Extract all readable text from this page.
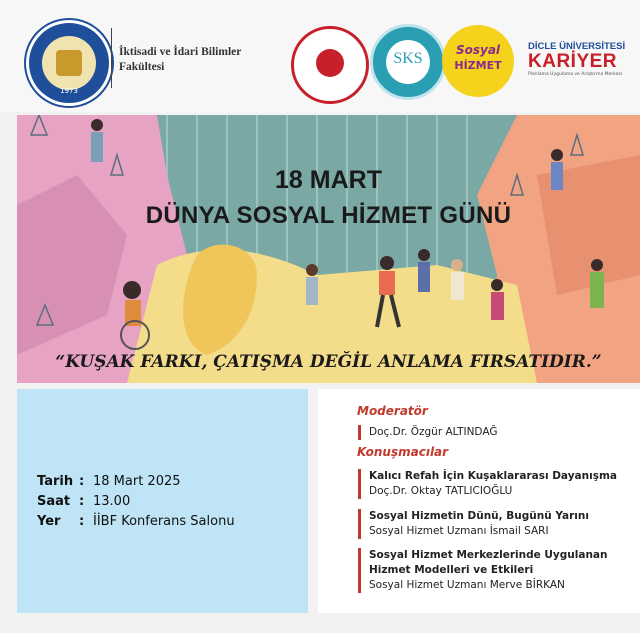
1973
İktisadi ve İdari Bilimler Fakültesi	SKS	Sosyal
HİZMET
DİCLE ÜNİVERSİTESİ
KARİYER
Planlama Uygulama ve Araştırma Merkezi
18 MART
DÜNYA SOSYAL HİZMET GÜNÜ
“KUŞAK FARKI, ÇATIŞMA DEĞİL ANLAMA FIRSATIDIR.”
Tarih : 18 Mart 2025
Saat : 13.00
Yer : İİBF Konferans Salonu
Moderatör
Doç.Dr. Özgür ALTINDAĞ
Konuşmacılar
Kalıcı Refah İçin Kuşaklararası Dayanışma
Doç.Dr. Oktay TATLICIOĞLU
Sosyal Hizmetin Dünü, Bugünü Yarını
Sosyal Hizmet Uzmanı İsmail SARI
Sosyal Hizmet Merkezlerinde Uygulanan
Hizmet Modelleri ve Etkileri
Sosyal Hizmet Uzmanı Merve BİRKAN
